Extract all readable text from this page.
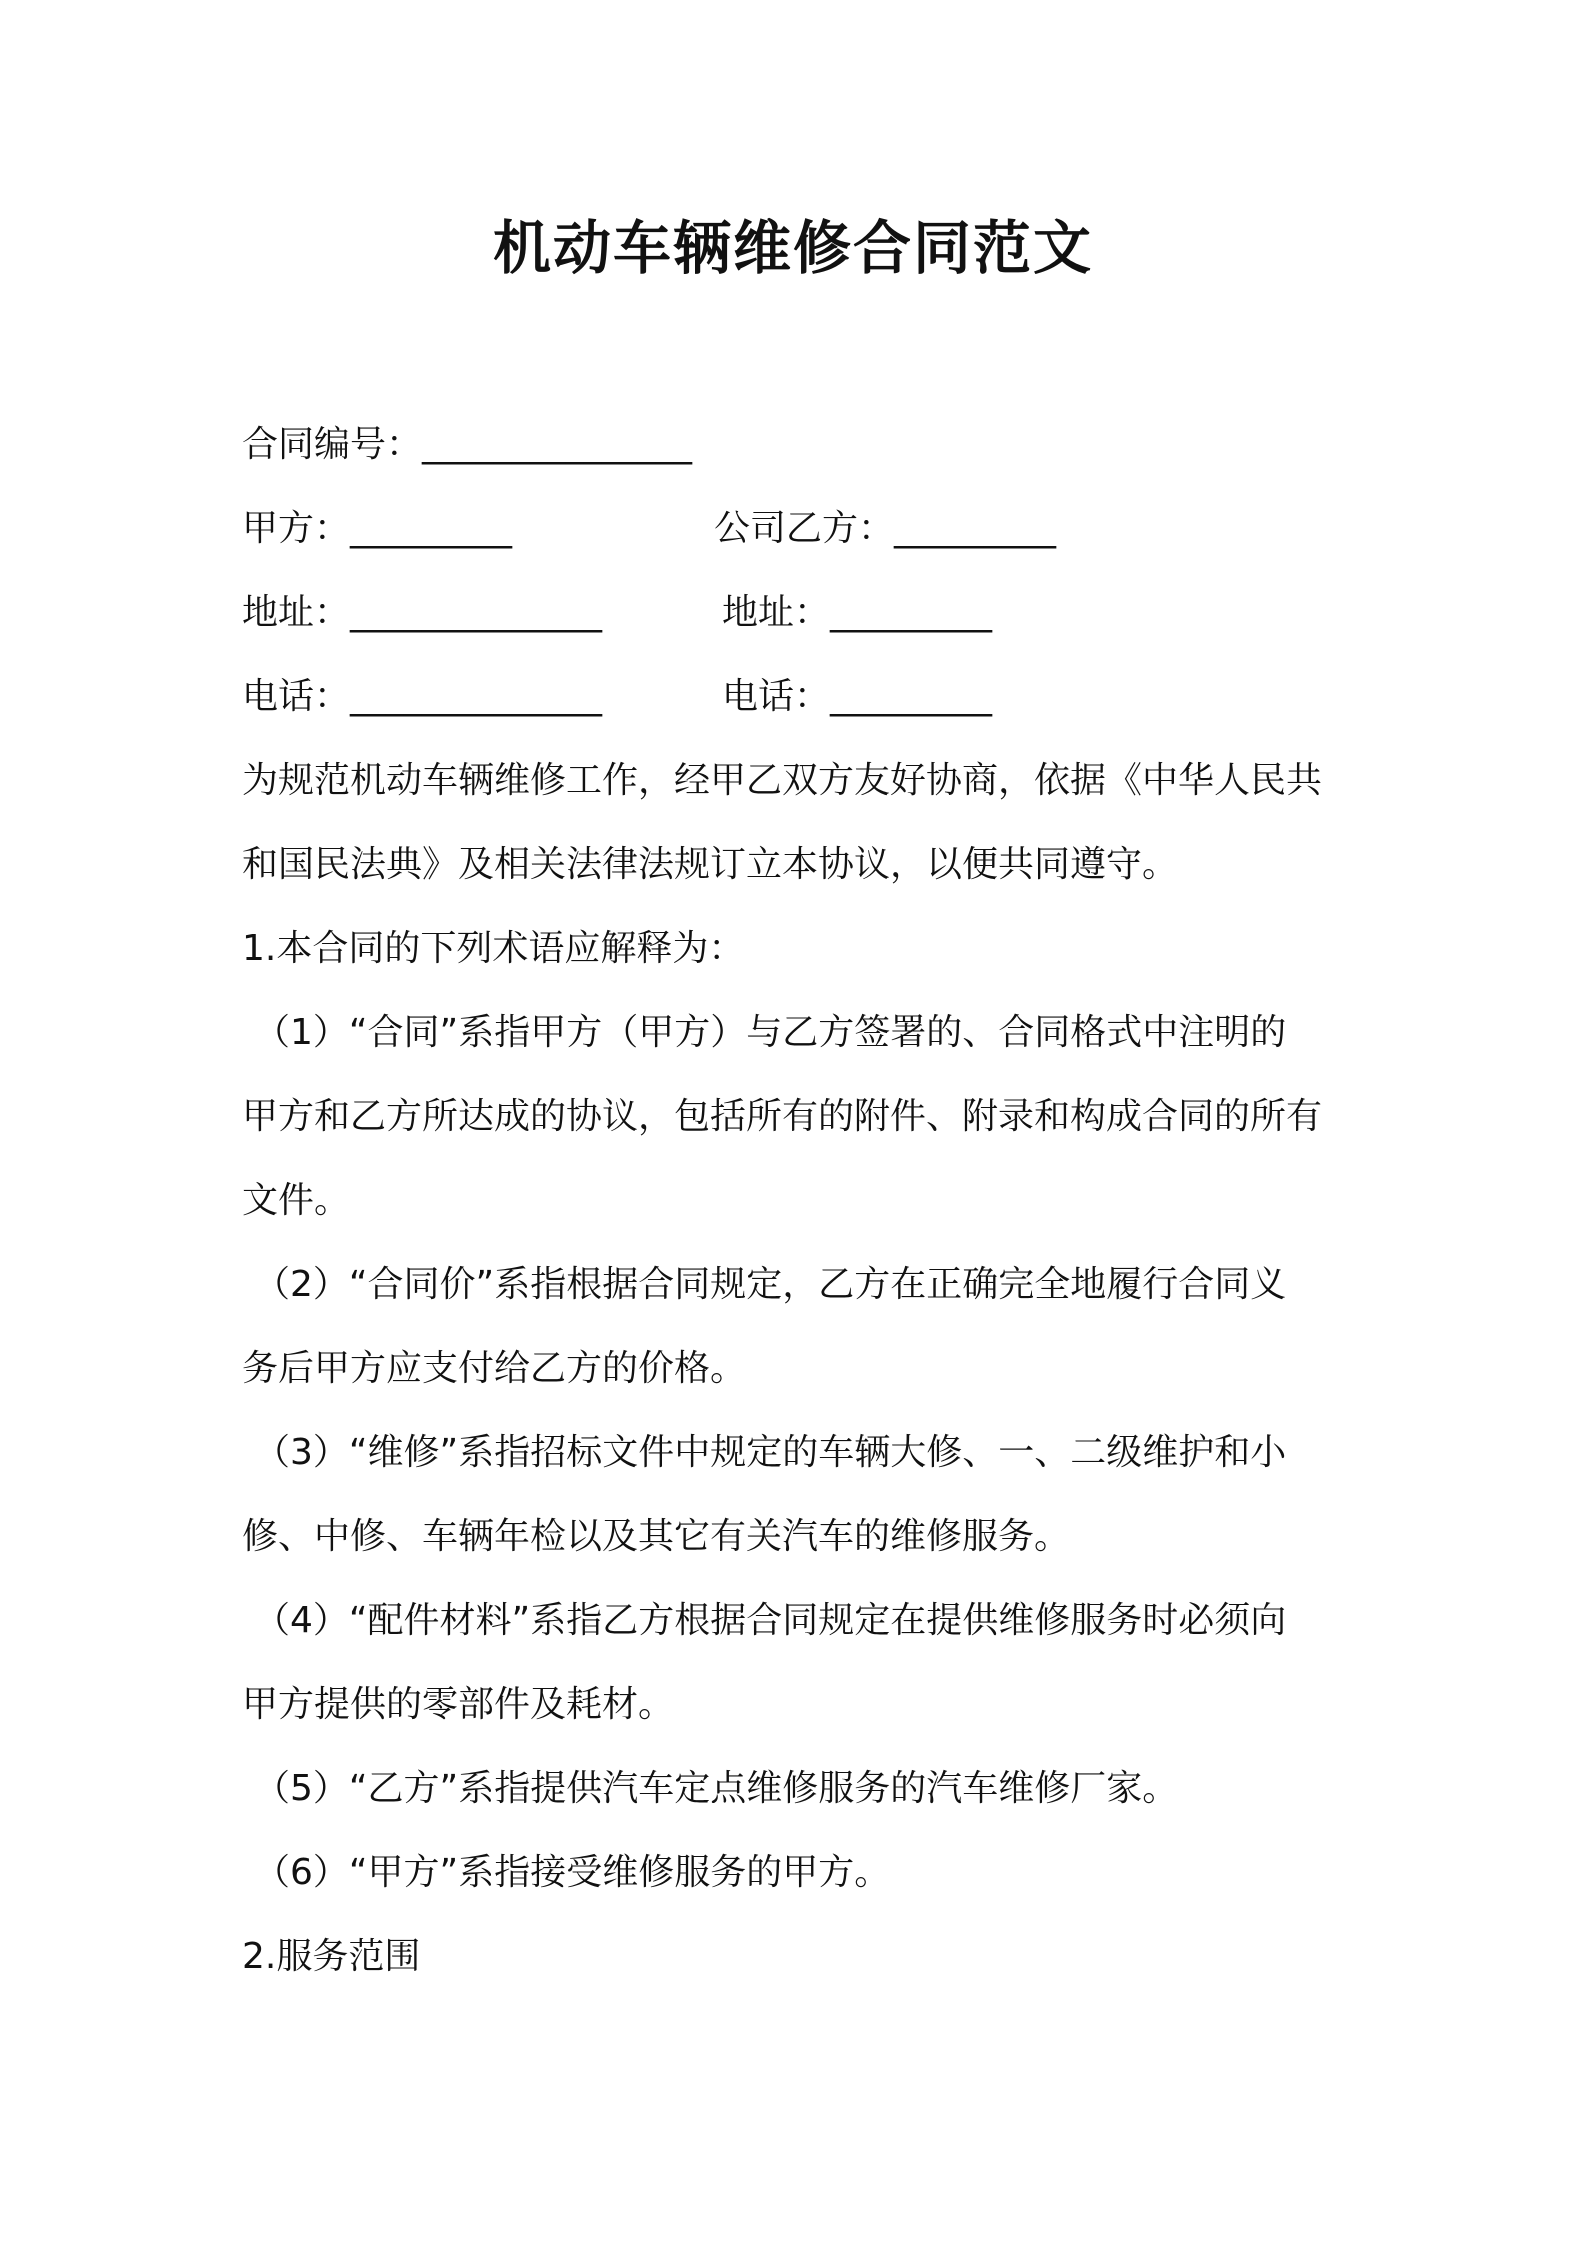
机动车辆维修合同范文
合同编号：_______________
甲方：_________	公司乙方：_________
地址：______________	地址：_________
电话：______________	电话：_________
为规范机动车辆维修工作，经甲乙双方友好协商，依据《中华人民共
和国民法典》及相关法律法规订立本协议，以便共同遵守。
1.本合同的下列术语应解释为：
（1）“合同”系指甲方（甲方）与乙方签署的、合同格式中注明的
甲方和乙方所达成的协议，包括所有的附件、附录和构成合同的所有
文件。
（2）“合同价”系指根据合同规定，乙方在正确完全地履行合同义
务后甲方应支付给乙方的价格。
（3）“维修”系指招标文件中规定的车辆大修、一、二级维护和小
修、中修、车辆年检以及其它有关汽车的维修服务。
（4）“配件材料”系指乙方根据合同规定在提供维修服务时必须向
甲方提供的零部件及耗材。
（5）“乙方”系指提供汽车定点维修服务的汽车维修厂家。
（6）“甲方”系指接受维修服务的甲方。
2.服务范围
